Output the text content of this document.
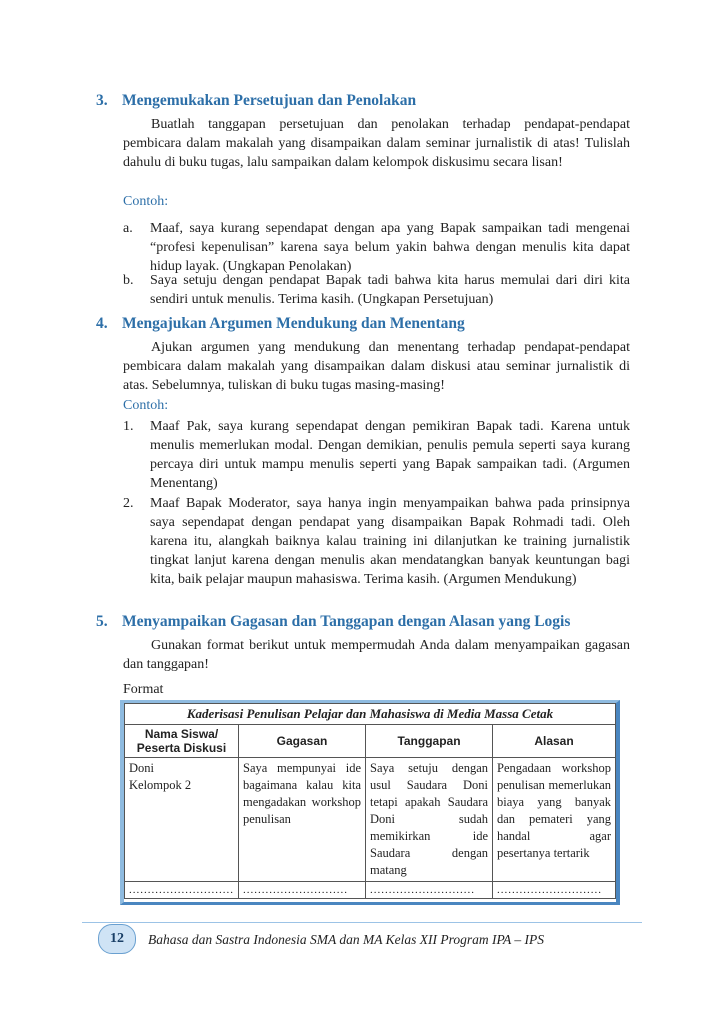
3. Mengemukakan Persetujuan dan Penolakan
Buatlah tanggapan persetujuan dan penolakan terhadap pendapat-pendapat pembicara dalam makalah yang disampaikan dalam seminar jurnalistik di atas! Tulislah dahulu di buku tugas, lalu sampaikan dalam kelompok diskusimu secara lisan!
Contoh:
a.	Maaf, saya kurang sependapat dengan apa yang Bapak sampaikan tadi mengenai “profesi kepenulisan” karena saya belum yakin bahwa dengan menulis kita dapat hidup layak. (Ungkapan Penolakan)
b.	Saya setuju dengan pendapat Bapak tadi bahwa kita harus memulai dari diri kita sendiri untuk menulis. Terima kasih. (Ungkapan Persetujuan)
4. Mengajukan Argumen Mendukung dan Menentang
Ajukan argumen yang mendukung dan menentang terhadap pendapat-pendapat pembicara dalam makalah yang disampaikan dalam diskusi atau seminar jurnalistik di atas. Sebelumnya, tuliskan di buku tugas masing-masing!
Contoh:
1.	Maaf Pak, saya kurang sependapat dengan pemikiran Bapak tadi. Karena untuk menulis memerlukan modal. Dengan demikian, penulis pemula seperti saya kurang percaya diri untuk mampu menulis seperti yang Bapak sampaikan tadi. (Argumen Menentang)
2.	Maaf Bapak Moderator, saya hanya ingin menyampaikan bahwa pada prinsipnya saya sependapat dengan pendapat yang disampaikan Bapak Rohmadi tadi. Oleh karena itu, alangkah baiknya kalau training ini dilanjutkan ke training jurnalistik tingkat lanjut karena dengan menulis akan mendatangkan banyak keuntungan bagi kita, baik pelajar maupun mahasiswa. Terima kasih. (Argumen Mendukung)
5. Menyampaikan Gagasan dan Tanggapan dengan Alasan yang Logis
Gunakan format berikut untuk mempermudah Anda dalam menyampaikan gagasan dan tanggapan!
Format
Kaderisasi Penulisan Pelajar dan Mahasiswa di Media Massa Cetak			
Nama Siswa/ Peserta Diskusi	Gagasan	Tanggapan	Alasan

Doni
Kelompok 2	Saya mempunyai ide bagaimana kalau kita mengadakan workshop penulisan	Saya setuju dengan usul Saudara Doni tetapi apakah Saudara Doni sudah memikirkan ide Saudara dengan matang	Pengadaan workshop penulisan memerlukan biaya yang banyak dan pemateri yang handal agar pesertanya tertarik
............................	............................	............................	............................
12	Bahasa dan Sastra Indonesia SMA dan MA Kelas XII Program IPA – IPS
